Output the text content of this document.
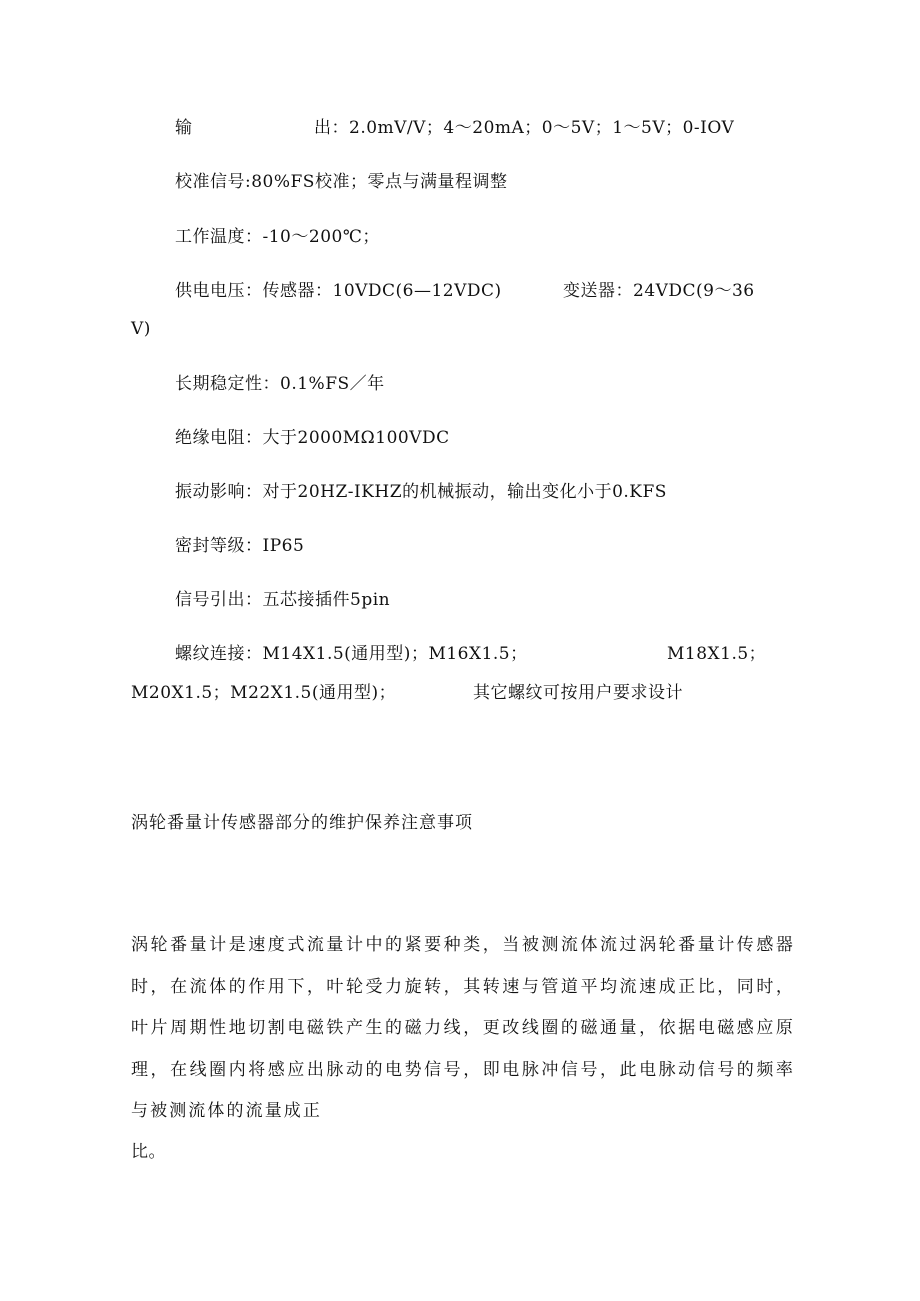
输	出：2.0mV/V；4～20mA；0～5V；1～5V；0-IOV
校准信号:80%FS校准；零点与满量程调整
工作温度：-10～200℃；
供电电压：传感器：10VDC(6—12VDC)	变送器：24VDC(9～36
V)
长期稳定性：0.1%FS／年
绝缘电阻：大于2000MΩ100VDC
振动影响：对于20HZ-IKHZ的机械振动，输出变化小于0.KFS
密封等级：IP65
信号引出：五芯接插件5pin
螺纹连接：M14X1.5(通用型)；M16X1.5；	M18X1.5；
M20X1.5；M22X1.5(通用型)；	其它螺纹可按用户要求设计
涡轮番量计传感器部分的维护保养注意事项
涡轮番量计是速度式流量计中的紧要种类，当被测流体流过涡轮番量计传感器时，在流体的作用下，叶轮受力旋转，其转速与管道平均流速成正比，同时，叶片周期性地切割电磁铁产生的磁力线，更改线圈的磁通量，依据电磁感应原理，在线圈内将感应出脉动的电势信号，即电脉冲信号，此电脉动信号的频率与被测流体的流量成正
比。
